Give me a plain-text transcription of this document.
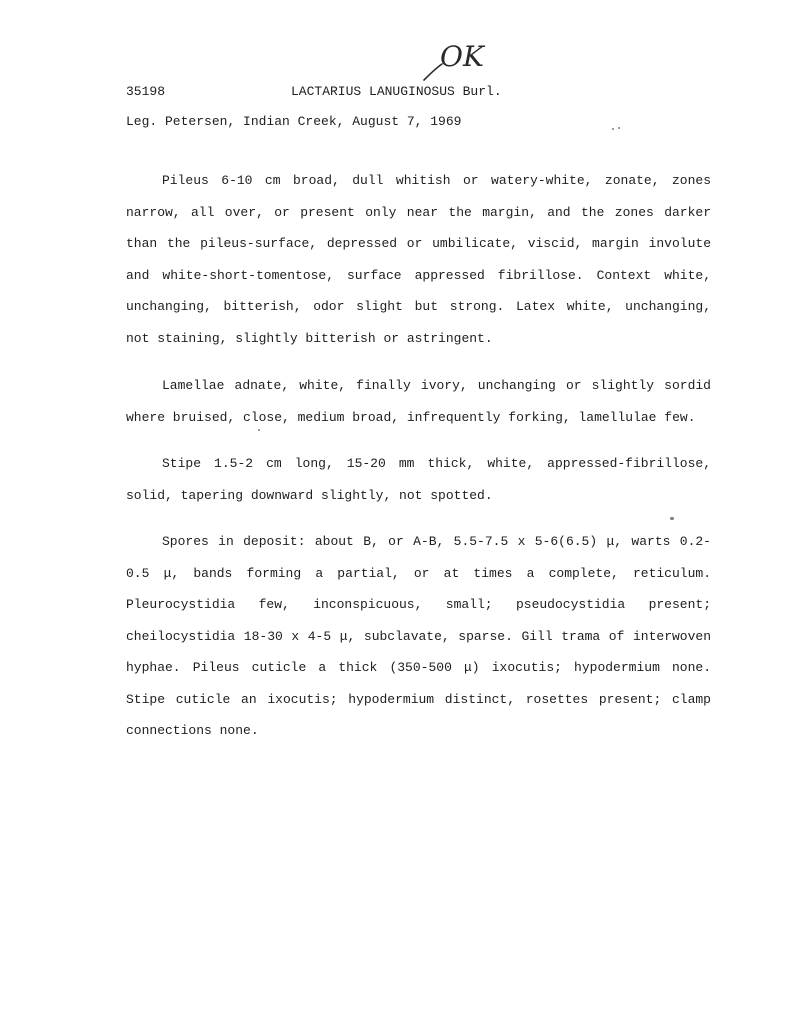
OK
35198	LACTARIUS LANUGINOSUS Burl.
Leg. Petersen, Indian Creek, August 7, 1969

Pileus 6-10 cm broad, dull whitish or watery-white, zonate, zones narrow, all over, or present only near the margin, and the zones darker than the pileus-surface, depressed or umbilicate, viscid, margin involute and white-short-tomentose, surface appressed fibrillose. Context white, unchanging, bitterish, odor slight but strong. Latex white, unchanging, not staining, slightly bitterish or astringent.

Lamellae adnate, white, finally ivory, unchanging or slightly sordid where bruised, close, medium broad, infrequently forking, lamellulae few.

Stipe 1.5-2 cm long, 15-20 mm thick, white, appressed-fibrillose, solid, tapering downward slightly, not spotted.

Spores in deposit: about B, or A-B, 5.5-7.5 x 5-6(6.5) μ, warts 0.2-0.5 μ, bands forming a partial, or at times a complete, reticulum. Pleurocystidia few, inconspicuous, small; pseudocystidia present; cheilocystidia 18-30 x 4-5 μ, subclavate, sparse. Gill trama of interwoven hyphae. Pileus cuticle a thick (350-500 μ) ixocutis; hypodermium none. Stipe cuticle an ixocutis; hypodermium distinct, rosettes present; clamp connections none.
